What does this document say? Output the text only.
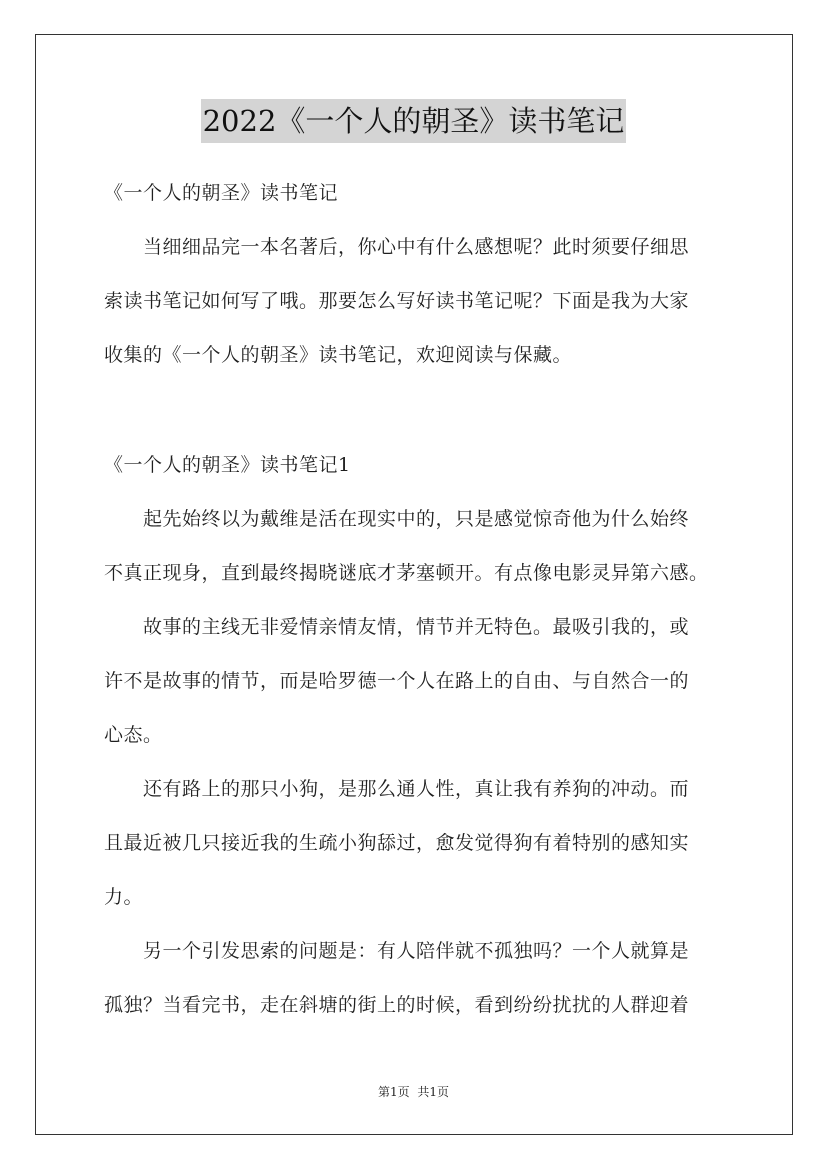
2022《一个人的朝圣》读书笔记
《一个人的朝圣》读书笔记
当细细品完一本名著后，你心中有什么感想呢？此时须要仔细思
索读书笔记如何写了哦。那要怎么写好读书笔记呢？下面是我为大家
收集的《一个人的朝圣》读书笔记，欢迎阅读与保藏。
《一个人的朝圣》读书笔记1
起先始终以为戴维是活在现实中的，只是感觉惊奇他为什么始终
不真正现身，直到最终揭晓谜底才茅塞顿开。有点像电影灵异第六感。
故事的主线无非爱情亲情友情，情节并无特色。最吸引我的，或
许不是故事的情节，而是哈罗德一个人在路上的自由、与自然合一的
心态。
还有路上的那只小狗，是那么通人性，真让我有养狗的冲动。而
且最近被几只接近我的生疏小狗舔过，愈发觉得狗有着特别的感知实
力。
另一个引发思索的问题是：有人陪伴就不孤独吗？一个人就算是
孤独？当看完书，走在斜塘的街上的时候，看到纷纷扰扰的人群迎着
第1页 共1页
